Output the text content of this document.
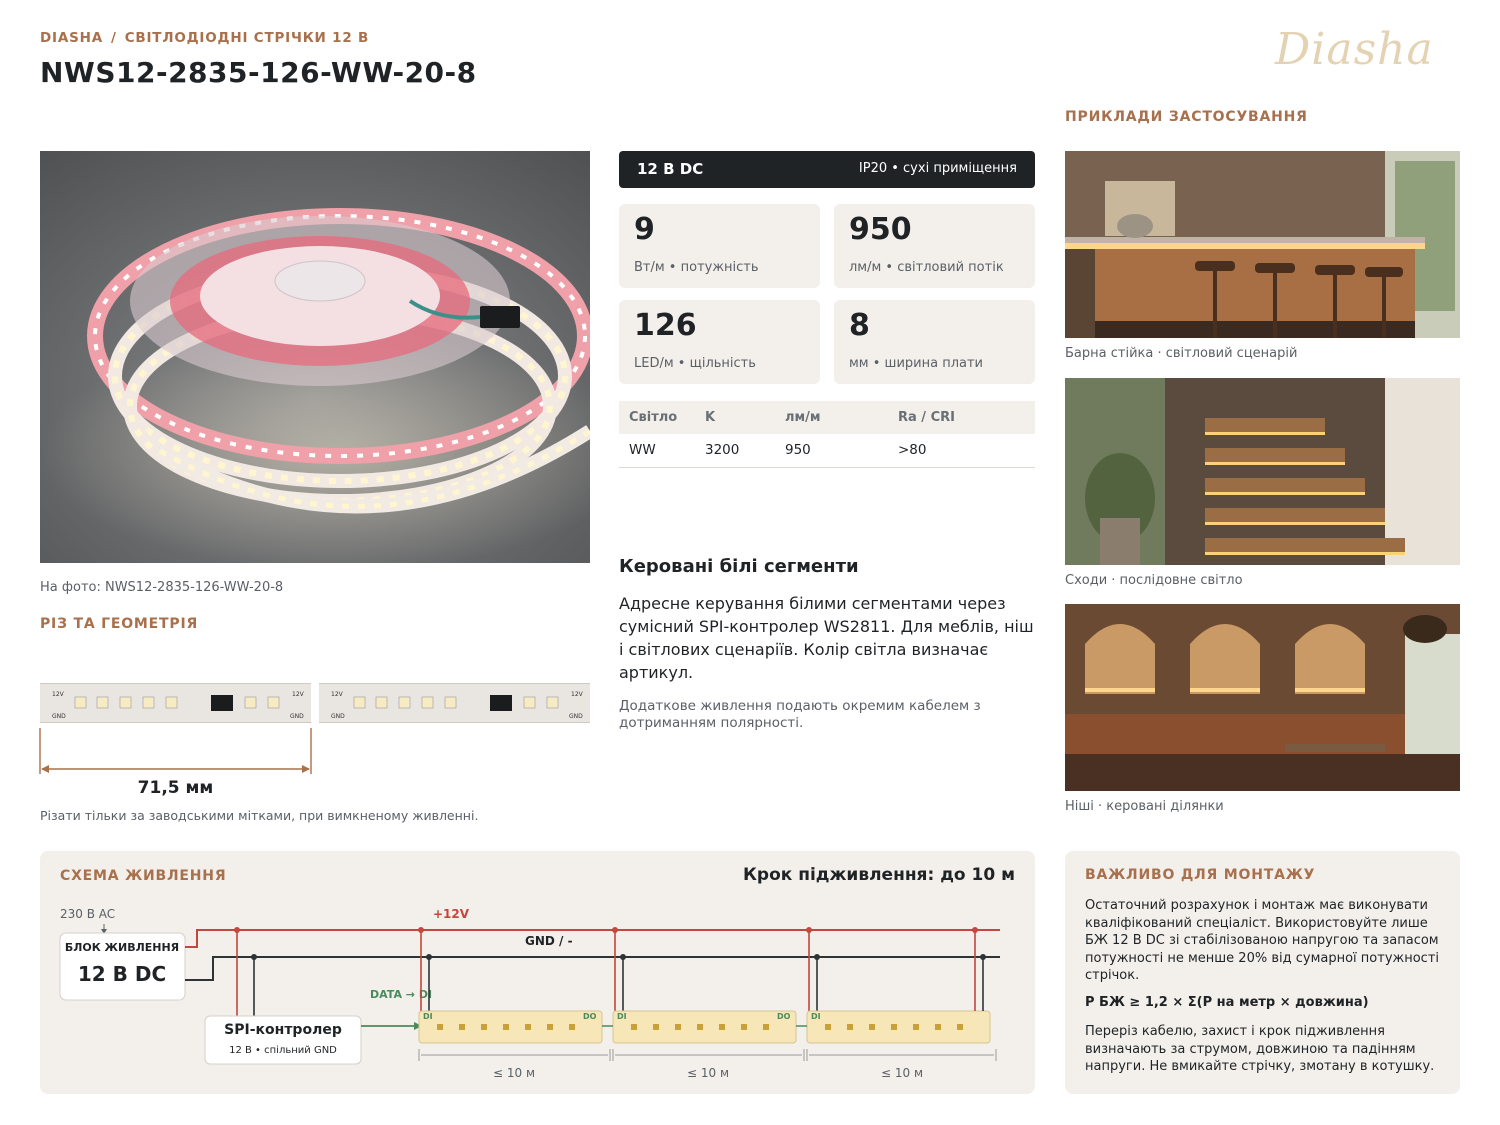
DIASHA / СВІТЛОДІОДНІ СТРІЧКИ 12 В
NWS12-2835-126-WW-20-8	Diasha
На фото: NWS12-2835-126-WW-20-8
РІЗ ТА ГЕОМЕТРІЯ
12V
GND
12V
GND
12V
GND
12V
GND
71,5 мм
Різати тільки за заводськими мітками, при вимкненому живленні.
12 В DC	IP20 • сухі приміщення
9
Вт/м • потужність
950
лм/м • світловий потік
126
LED/м • щільність
8
мм • ширина плати
Світло	K	лм/м	Ra / CRI
WW	3200	950	>80
Керовані білі сегменти
Адресне керування білими сегментами через сумісний SPI-контролер WS2811. Для меблів, ніш і світлових сценаріїв. Колір світла визначає артикул.
Додаткове живлення подають окремим кабелем з дотриманням полярності.
ПРИКЛАДИ ЗАСТОСУВАННЯ
Барна стійка · світловий сценарій
Сходи · послідовне світло
Ніші · керовані ділянки
СХЕМА ЖИВЛЕННЯ	Крок підживлення: до 10 м
230 В AC
БЛОК ЖИВЛЕННЯ
12 В DC
+12V
GND / -
SPI-контролер
12 В • спільний GND
DATA → DI
DI	DO	DI	DO	DI
≤ 10 м	≤ 10 м	≤ 10 м
ВАЖЛИВО ДЛЯ МОНТАЖУ
Остаточний розрахунок і монтаж має виконувати кваліфікований спеціаліст. Використовуйте лише БЖ 12 В DC зі стабілізованою напругою та запасом потужності не менше 20% від сумарної потужності стрічок.
P БЖ ≥ 1,2 × Σ(P на метр × довжина)
Переріз кабелю, захист і крок підживлення визначають за струмом, довжиною та падінням напруги. Не вмикайте стрічку, змотану в котушку.
